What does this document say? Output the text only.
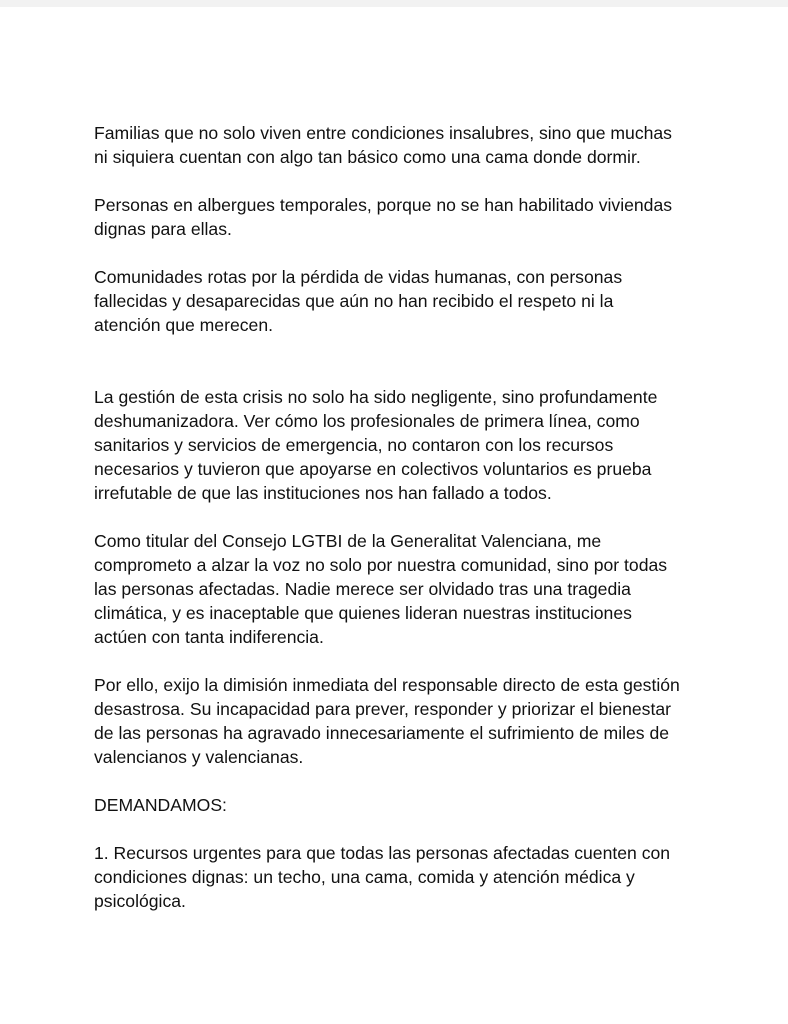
Familias que no solo viven entre condiciones insalubres, sino que muchas
ni siquiera cuentan con algo tan básico como una cama donde dormir.

Personas en albergues temporales, porque no se han habilitado viviendas
dignas para ellas.

Comunidades rotas por la pérdida de vidas humanas, con personas
fallecidas y desaparecidas que aún no han recibido el respeto ni la
atención que merecen.

La gestión de esta crisis no solo ha sido negligente, sino profundamente
deshumanizadora. Ver cómo los profesionales de primera línea, como
sanitarios y servicios de emergencia, no contaron con los recursos
necesarios y tuvieron que apoyarse en colectivos voluntarios es prueba
irrefutable de que las instituciones nos han fallado a todos.

Como titular del Consejo LGTBI de la Generalitat Valenciana, me
comprometo a alzar la voz no solo por nuestra comunidad, sino por todas
las personas afectadas. Nadie merece ser olvidado tras una tragedia
climática, y es inaceptable que quienes lideran nuestras instituciones
actúen con tanta indiferencia.

Por ello, exijo la dimisión inmediata del responsable directo de esta gestión
desastrosa. Su incapacidad para prever, responder y priorizar el bienestar
de las personas ha agravado innecesariamente el sufrimiento de miles de
valencianos y valencianas.

DEMANDAMOS:

1. Recursos urgentes para que todas las personas afectadas cuenten con
condiciones dignas: un techo, una cama, comida y atención médica y
psicológica.
